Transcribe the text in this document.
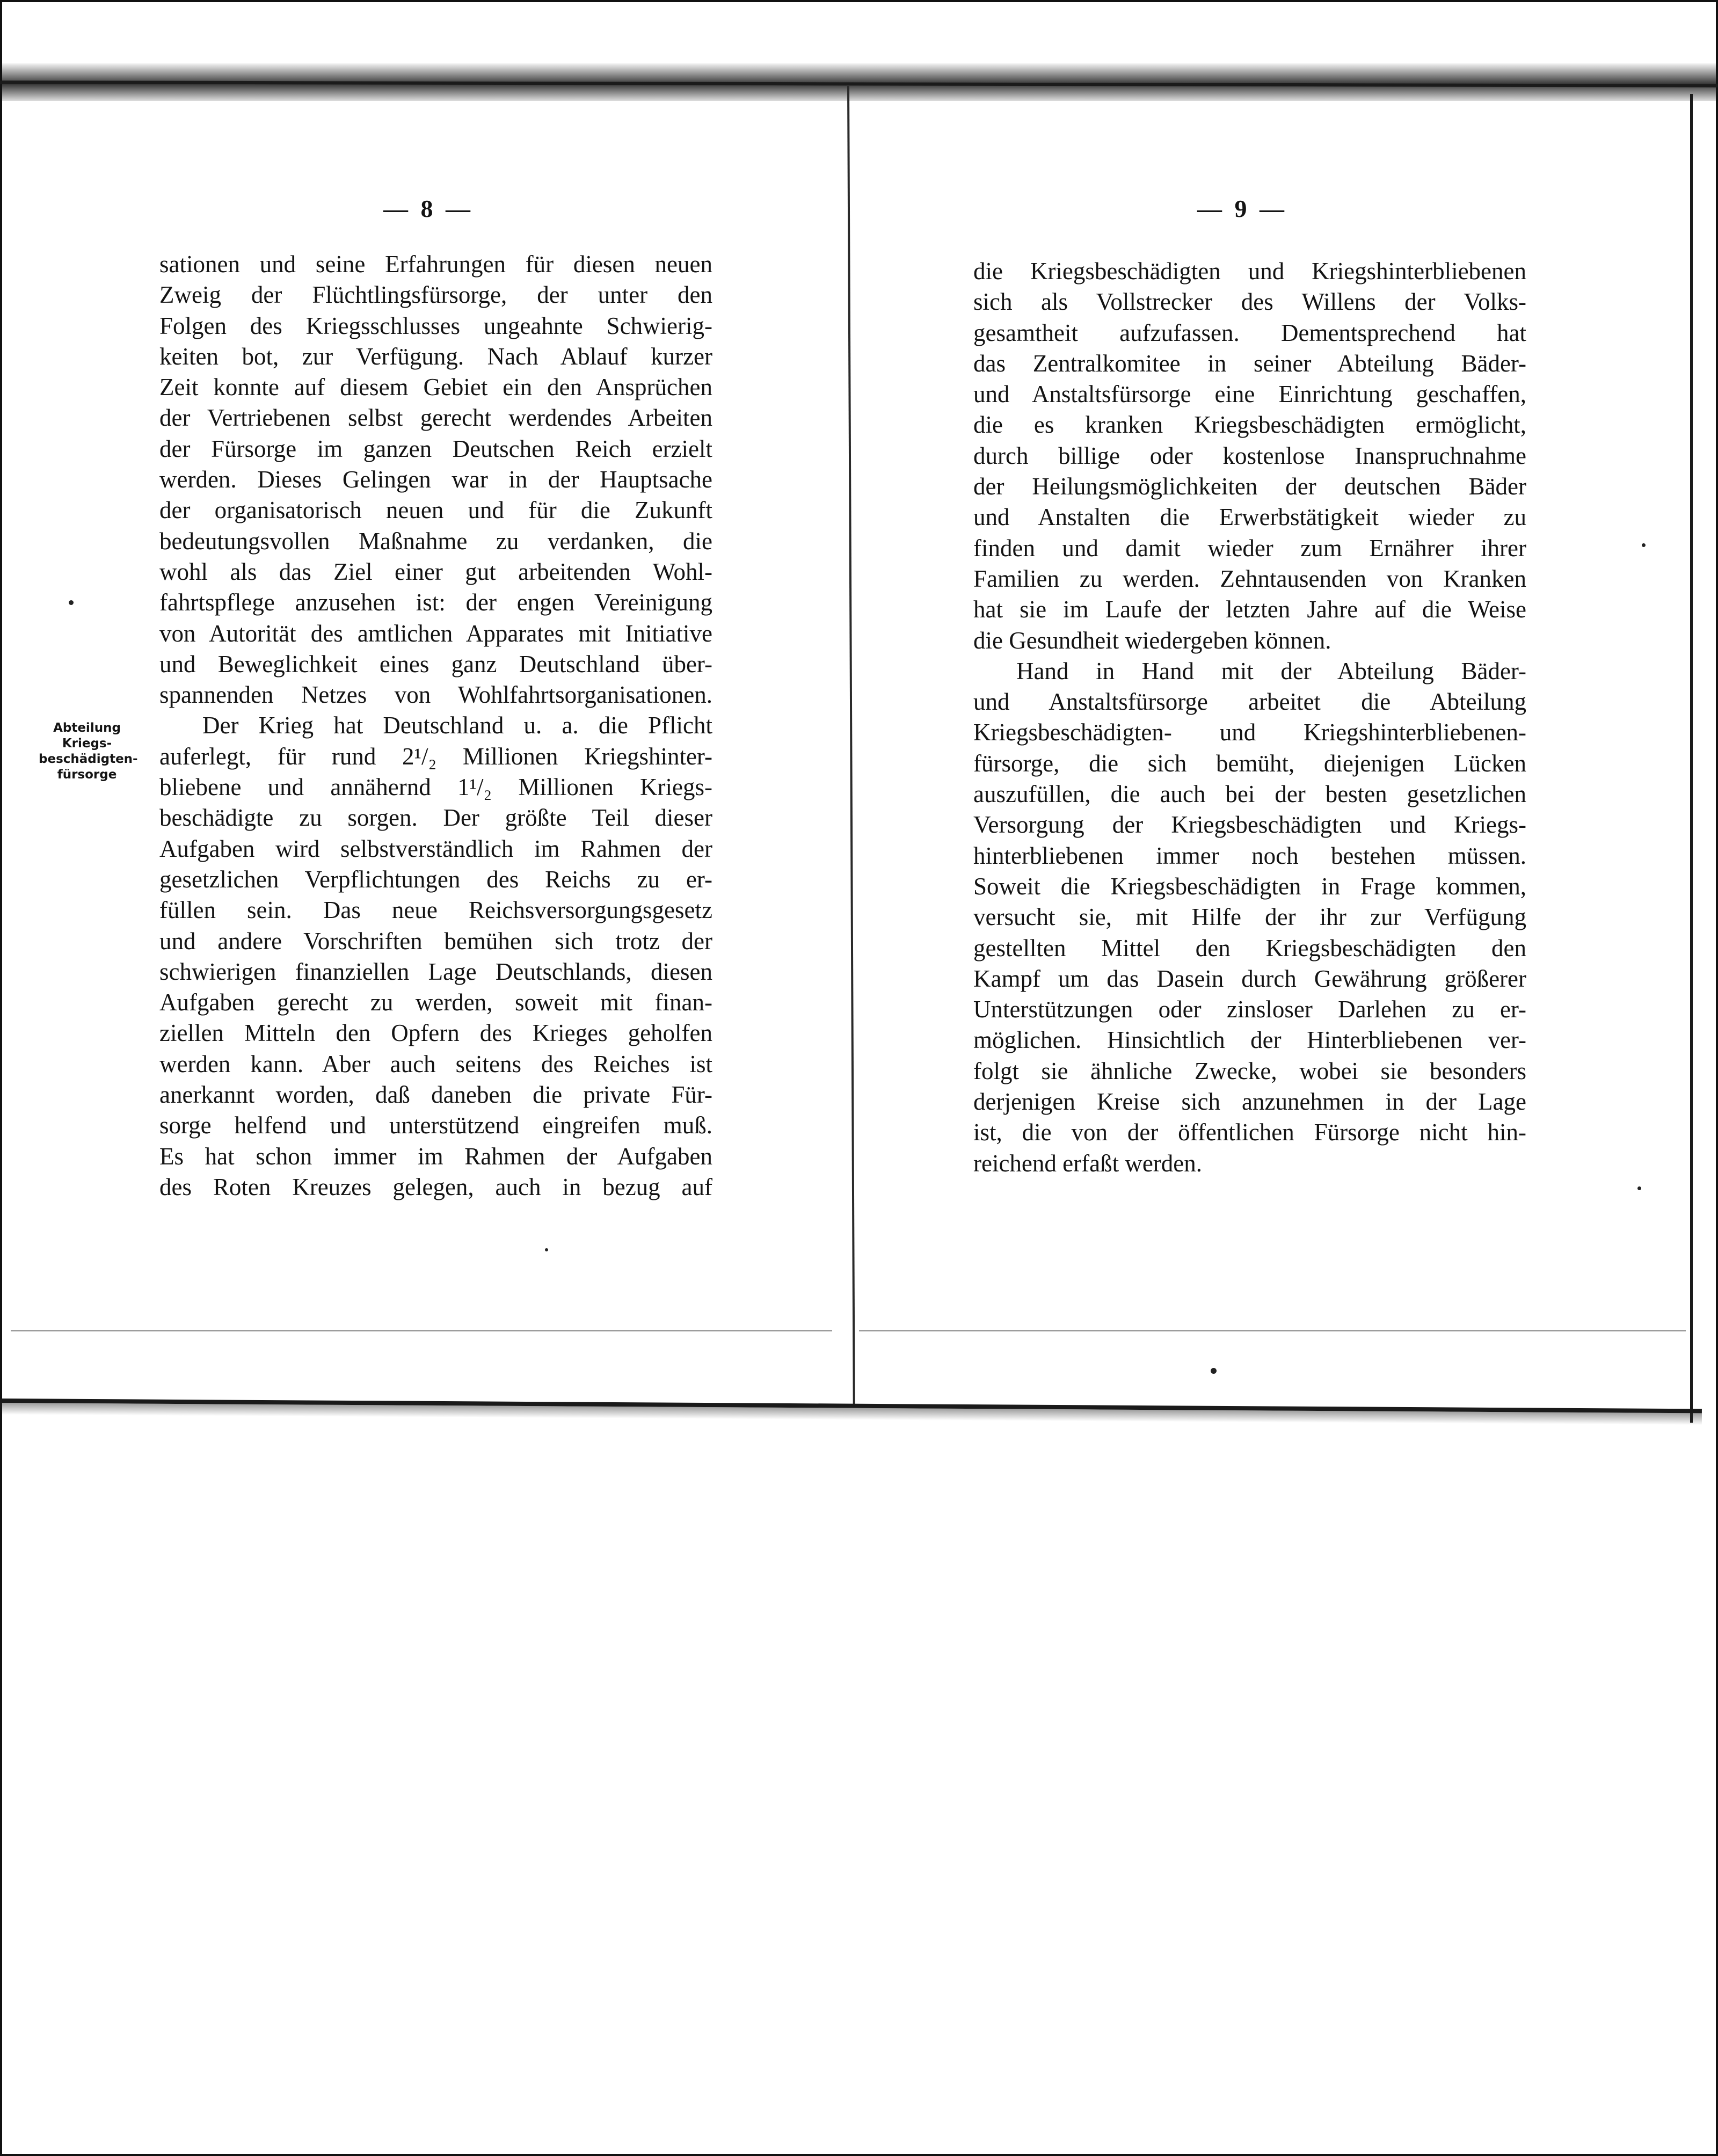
— 8 —
Abteilung
Kriegs-
beschädigten-
fürsorge
sationen und seine Erfahrungen für diesen neuen
Zweig der Flüchtlingsfürsorge, der unter den
Folgen des Kriegsschlusses ungeahnte Schwierig-
keiten bot, zur Verfügung. Nach Ablauf kurzer
Zeit konnte auf diesem Gebiet ein den Ansprüchen
der Vertriebenen selbst gerecht werdendes Arbeiten
der Fürsorge im ganzen Deutschen Reich erzielt
werden. Dieses Gelingen war in der Hauptsache
der organisatorisch neuen und für die Zukunft
bedeutungsvollen Maßnahme zu verdanken, die
wohl als das Ziel einer gut arbeitenden Wohl-
fahrtspflege anzusehen ist: der engen Vereinigung
von Autorität des amtlichen Apparates mit Initiative
und Beweglichkeit eines ganz Deutschland über-
spannenden Netzes von Wohlfahrtsorganisationen.
Der Krieg hat Deutschland u. a. die Pflicht
auferlegt, für rund 2¹/₂ Millionen Kriegshinter-
bliebene und annähernd 1¹/₂ Millionen Kriegs-
beschädigte zu sorgen. Der größte Teil dieser
Aufgaben wird selbstverständlich im Rahmen der
gesetzlichen Verpflichtungen des Reichs zu er-
füllen sein. Das neue Reichsversorgungsgesetz
und andere Vorschriften bemühen sich trotz der
schwierigen finanziellen Lage Deutschlands, diesen
Aufgaben gerecht zu werden, soweit mit finan-
ziellen Mitteln den Opfern des Krieges geholfen
werden kann. Aber auch seitens des Reiches ist
anerkannt worden, daß daneben die private Für-
sorge helfend und unterstützend eingreifen muß.
Es hat schon immer im Rahmen der Aufgaben
des Roten Kreuzes gelegen, auch in bezug auf
— 9 —
die Kriegsbeschädigten und Kriegshinterbliebenen
sich als Vollstrecker des Willens der Volks-
gesamtheit aufzufassen. Dementsprechend hat
das Zentralkomitee in seiner Abteilung Bäder-
und Anstaltsfürsorge eine Einrichtung geschaffen,
die es kranken Kriegsbeschädigten ermöglicht,
durch billige oder kostenlose Inanspruchnahme
der Heilungsmöglichkeiten der deutschen Bäder
und Anstalten die Erwerbstätigkeit wieder zu
finden und damit wieder zum Ernährer ihrer
Familien zu werden. Zehntausenden von Kranken
hat sie im Laufe der letzten Jahre auf die Weise
die Gesundheit wiedergeben können.
Hand in Hand mit der Abteilung Bäder-
und Anstaltsfürsorge arbeitet die Abteilung
Kriegsbeschädigten- und Kriegshinterbliebenen-
fürsorge, die sich bemüht, diejenigen Lücken
auszufüllen, die auch bei der besten gesetzlichen
Versorgung der Kriegsbeschädigten und Kriegs-
hinterbliebenen immer noch bestehen müssen.
Soweit die Kriegsbeschädigten in Frage kommen,
versucht sie, mit Hilfe der ihr zur Verfügung
gestellten Mittel den Kriegsbeschädigten den
Kampf um das Dasein durch Gewährung größerer
Unterstützungen oder zinsloser Darlehen zu er-
möglichen. Hinsichtlich der Hinterbliebenen ver-
folgt sie ähnliche Zwecke, wobei sie besonders
derjenigen Kreise sich anzunehmen in der Lage
ist, die von der öffentlichen Fürsorge nicht hin-
reichend erfaßt werden.
